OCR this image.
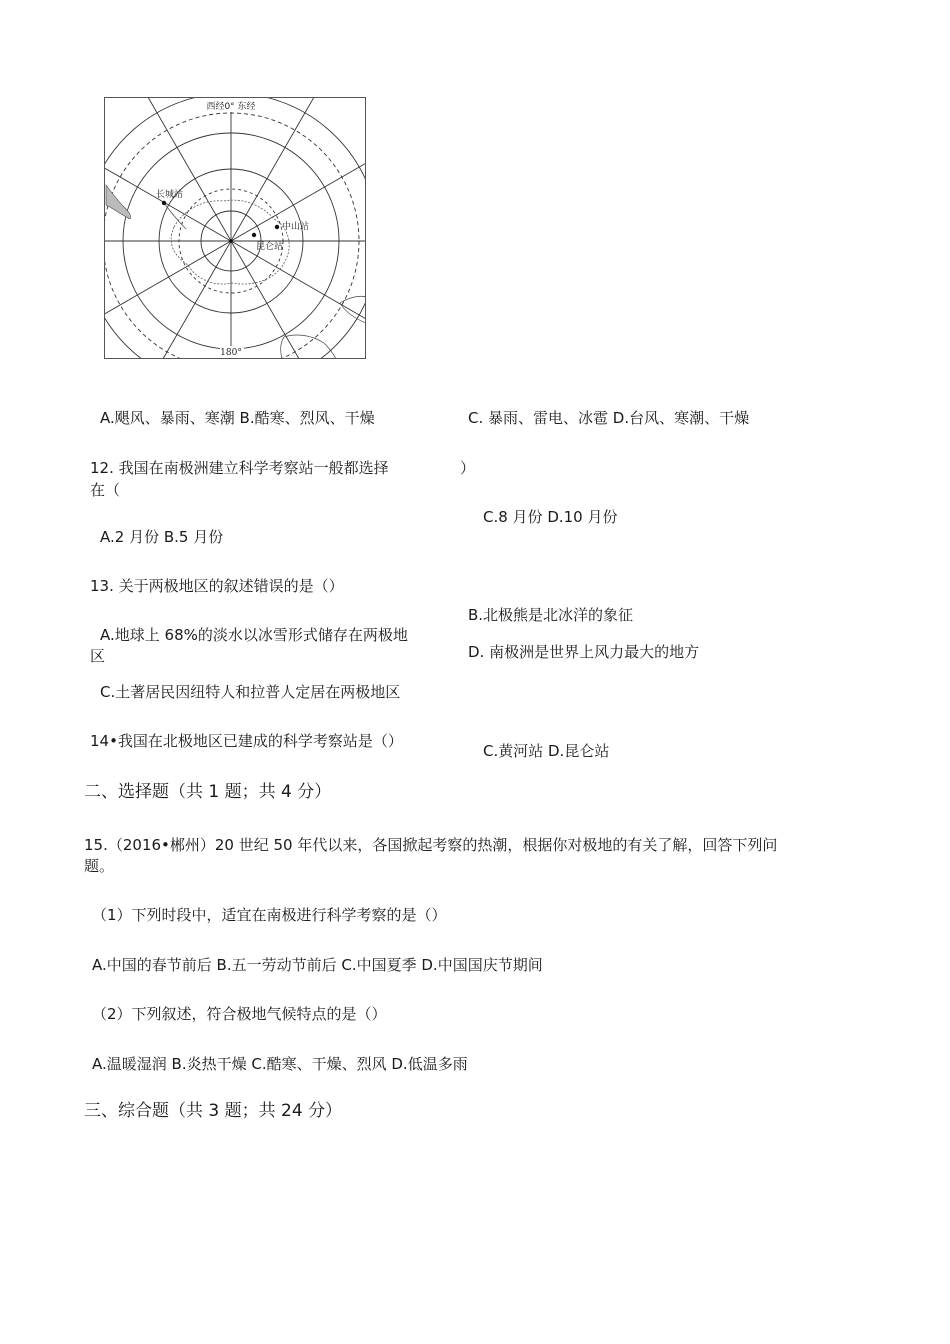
西经0° 东经
180°
长城站
中山站
昆仑站
A.飓风、暴雨、寒潮 B.酷寒、烈风、干燥	C. 暴雨、雷电、冰雹 D.台风、寒潮、干燥
12. 我国在南极洲建立科学考察站一般都选择	）
在（
C.8 月份 D.10 月份
A.2 月份 B.5 月份
13. 关于两极地区的叙述错误的是（）
B.北极熊是北冰洋的象征
A.地球上 68%的淡水以冰雪形式储存在两极地
区	D. 南极洲是世界上风力最大的地方
C.土著居民因纽特人和拉普人定居在两极地区
14•我国在北极地区已建成的科学考察站是（）
C.黄河站 D.昆仑站
二、选择题（共 1 题；共 4 分）
15.（2016•郴州）20 世纪 50 年代以来，各国掀起考察的热潮，根据你对极地的有关了解，回答下列问
题。
（1）下列时段中，适宜在南极进行科学考察的是（）
A.中国的春节前后 B.五一劳动节前后 C.中国夏季 D.中国国庆节期间
（2）下列叙述，符合极地气候特点的是（）
A.温暖湿润 B.炎热干燥 C.酷寒、干燥、烈风 D.低温多雨
三、综合题（共 3 题；共 24 分）
